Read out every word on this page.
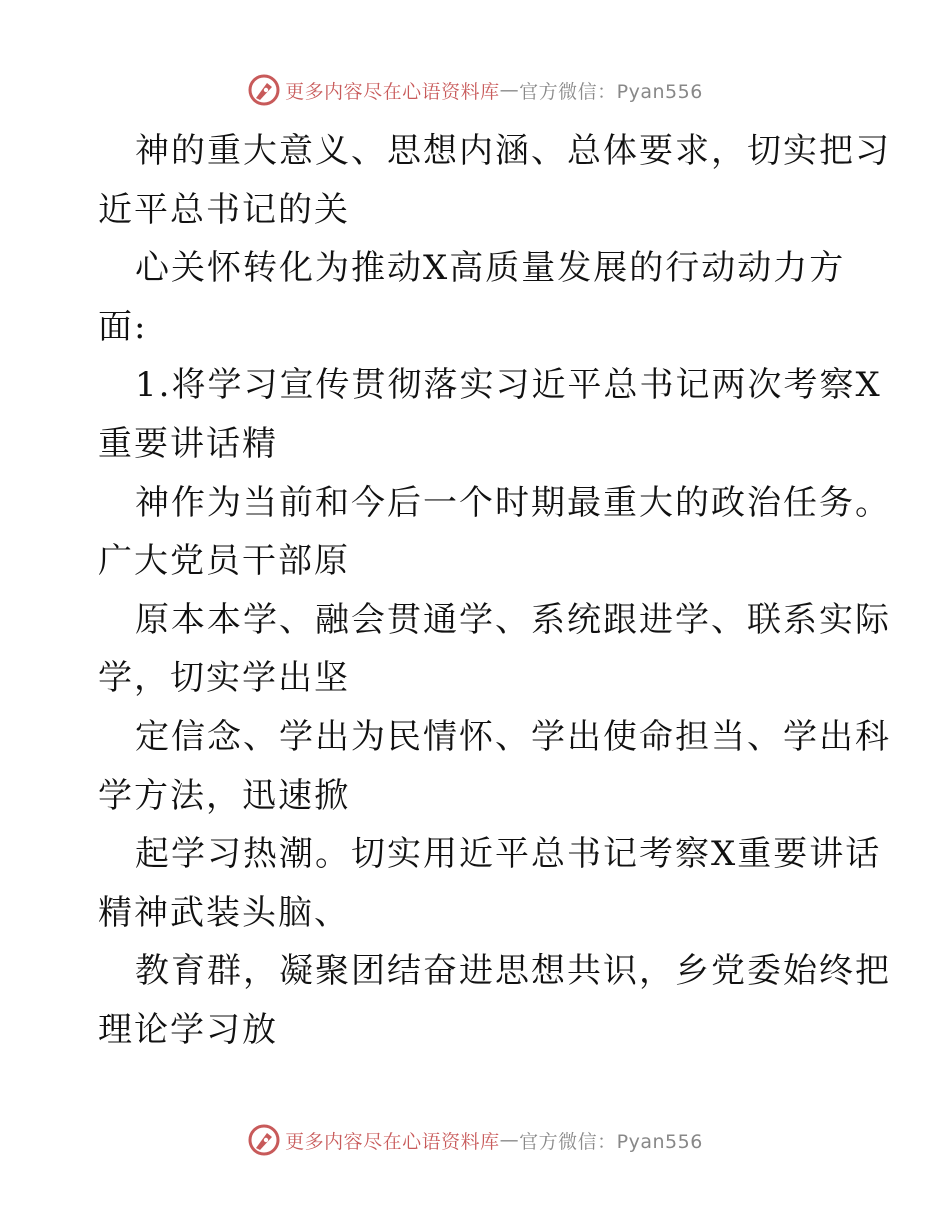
更多内容尽在心语资料库 — 官方微信：Pyan556
神的重大意义、思想内涵、总体要求，切实把习
近平总书记的关
心关怀转化为推动X高质量发展的行动动力方
面:
1.将学习宣传贯彻落实习近平总书记两次考察X
重要讲话精
神作为当前和今后一个时期最重大的政治任务。
广大党员干部原
原本本学、融会贯通学、系统跟进学、联系实际
学，切实学出坚
定信念、学出为民情怀、学出使命担当、学出科
学方法，迅速掀
起学习热潮。切实用近平总书记考察X重要讲话
精神武装头脑、
教育群，凝聚团结奋进思想共识，乡党委始终把
理论学习放
更多内容尽在心语资料库 — 官方微信：Pyan556
